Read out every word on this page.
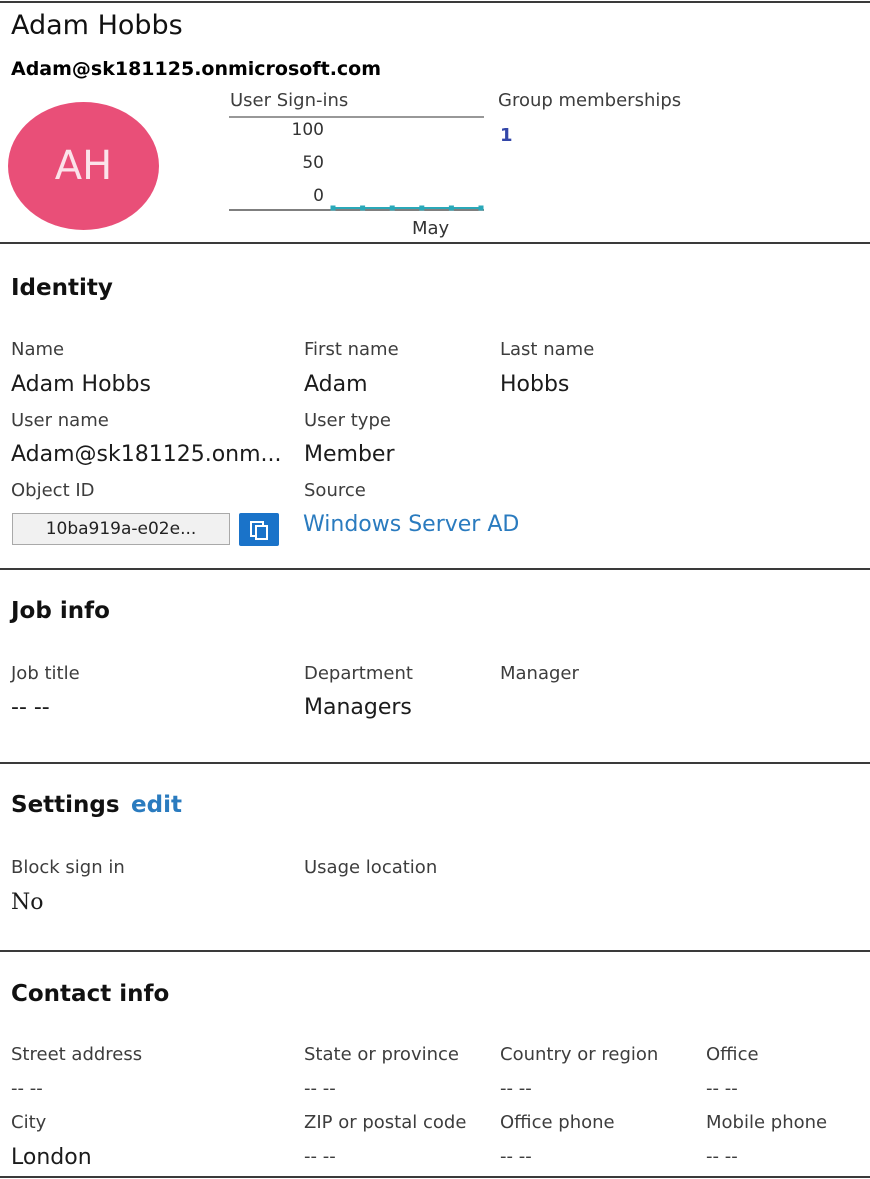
Adam Hobbs
Adam@sk181125.onmicrosoft.com
AH
User Sign-ins
100
50
0
May
Group memberships
1
Identity
Name
Adam Hobbs
First name
Adam
Last name
Hobbs
User name
Adam@sk181125.onm...
User type
Member
Object ID
10ba919a-e02e...
Source
Windows Server AD
Job info
Job title
-- --
Department
Managers
Manager
Settings edit
Block sign in
No
Usage location
Contact info
Street address
-- --
State or province
-- --
Country or region
-- --
Office
-- --
City
London
ZIP or postal code
-- --
Office phone
-- --
Mobile phone
-- --
